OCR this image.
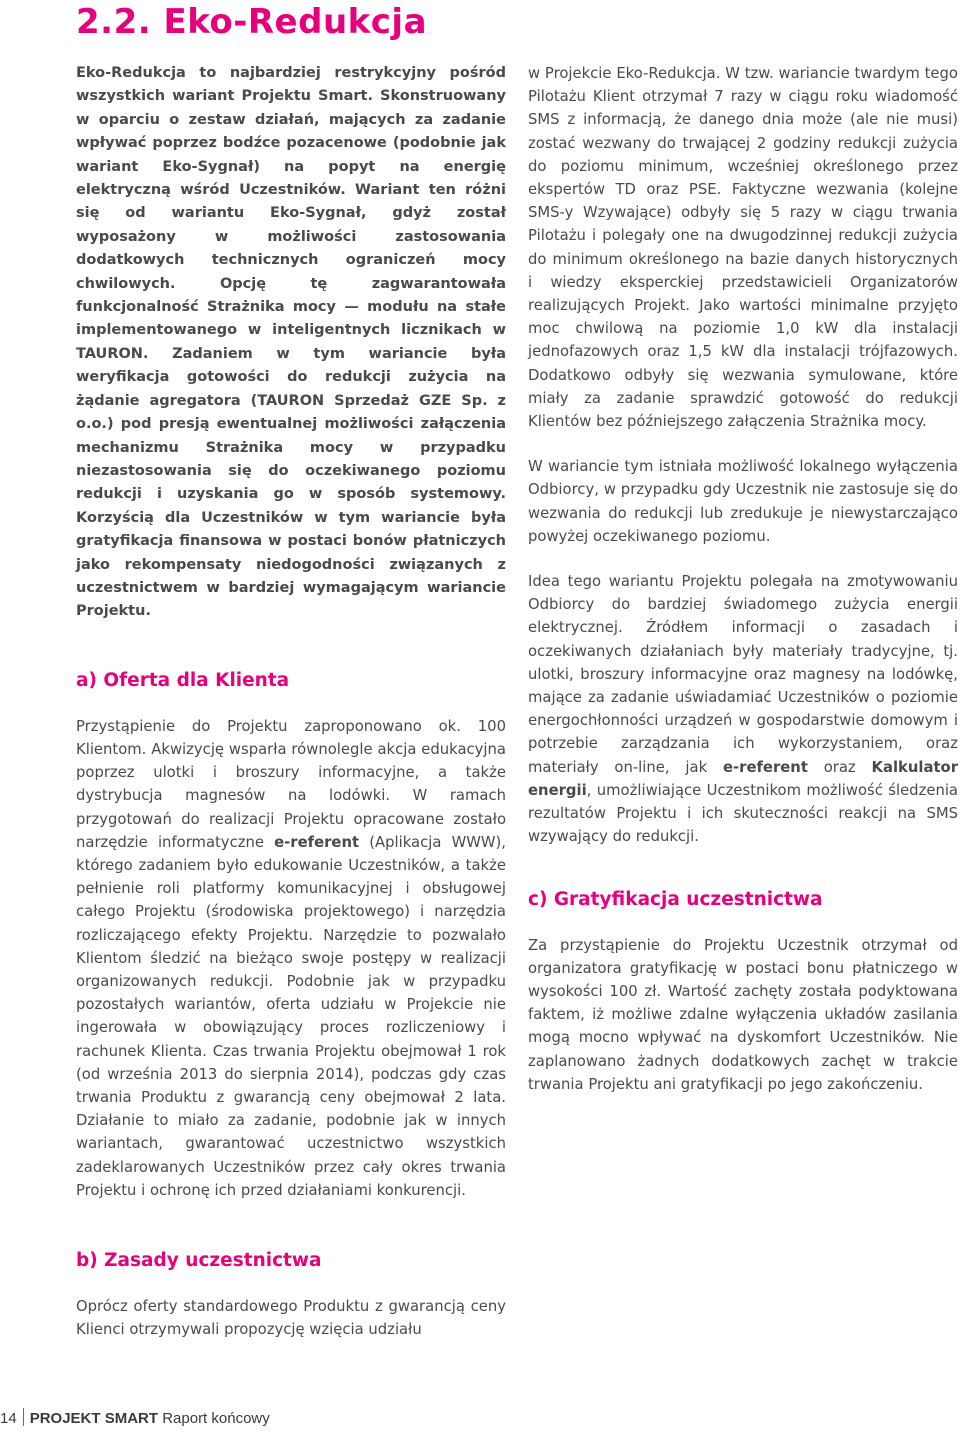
2.2. Eko-Redukcja

Eko-Redukcja to najbardziej restrykcyjny pośród wszystkich wariant Projektu Smart. Skonstruowany w oparciu o zestaw działań, mających za zadanie wpływać poprzez bodźce pozacenowe (podobnie jak wariant Eko-Sygnał) na popyt na energię elektryczną wśród Uczestników. Wariant ten różni się od wariantu Eko-Sygnał, gdyż został wyposażony w możliwości zastosowania dodatkowych technicznych ograniczeń mocy chwilowych. Opcję tę zagwarantowała funkcjonalność Strażnika mocy — modułu na stałe implementowanego w inteligentnych licznikach w TAURON. Zadaniem w tym wariancie była weryfikacja gotowości do redukcji zużycia na żądanie agregatora (TAURON Sprzedaż GZE Sp. z o.o.) pod presją ewentualnej możliwości załączenia mechanizmu Strażnika mocy w przypadku niezastosowania się do oczekiwanego poziomu redukcji i uzyskania go w sposób systemowy. Korzyścią dla Uczestników w tym wariancie była gratyfikacja finansowa w postaci bonów płatniczych jako rekompensaty niedogodności związanych z uczestnictwem w bardziej wymagającym wariancie Projektu.

a) Oferta dla Klienta

Przystąpienie do Projektu zaproponowano ok. 100 Klientom. Akwizycję wsparła równolegle akcja edukacyjna poprzez ulotki i broszury informacyjne, a także dystrybucja magnesów na lodówki. W ramach przygotowań do realizacji Projektu opracowane zostało narzędzie informatyczne e-referent (Aplikacja WWW), którego zadaniem było edukowanie Uczestników, a także pełnienie roli platformy komunikacyjnej i obsługowej całego Projektu (środowiska projektowego) i narzędzia rozliczającego efekty Projektu. Narzędzie to pozwalało Klientom śledzić na bieżąco swoje postępy w realizacji organizowanych redukcji. Podobnie jak w przypadku pozostałych wariantów, oferta udziału w Projekcie nie ingerowała w obowiązujący proces rozliczeniowy i rachunek Klienta. Czas trwania Projektu obejmował 1 rok (od września 2013 do sierpnia 2014), podczas gdy czas trwania Produktu z gwarancją ceny obejmował 2 lata. Działanie to miało za zadanie, podobnie jak w innych wariantach, gwarantować uczestnictwo wszystkich zadeklarowanych Uczestników przez cały okres trwania Projektu i ochronę ich przed działaniami konkurencji.

b) Zasady uczestnictwa

Oprócz oferty standardowego Produktu z gwarancją ceny Klienci otrzymywali propozycję wzięcia udziału

w Projekcie Eko-Redukcja. W tzw. wariancie twardym tego Pilotażu Klient otrzymał 7 razy w ciągu roku wiadomość SMS z informacją, że danego dnia może (ale nie musi) zostać wezwany do trwającej 2 godziny redukcji zużycia do poziomu minimum, wcześniej określonego przez ekspertów TD oraz PSE. Faktyczne wezwania (kolejne SMS-y Wzywające) odbyły się 5 razy w ciągu trwania Pilotażu i polegały one na dwugodzinnej redukcji zużycia do minimum określonego na bazie danych historycznych i wiedzy eksperckiej przedstawicieli Organizatorów realizujących Projekt. Jako wartości minimalne przyjęto moc chwilową na poziomie 1,0 kW dla instalacji jednofazowych oraz 1,5 kW dla instalacji trójfazowych. Dodatkowo odbyły się wezwania symulowane, które miały za zadanie sprawdzić gotowość do redukcji Klientów bez późniejszego załączenia Strażnika mocy.

W wariancie tym istniała możliwość lokalnego wyłączenia Odbiorcy, w przypadku gdy Uczestnik nie zastosuje się do wezwania do redukcji lub zredukuje je niewystarczająco powyżej oczekiwanego poziomu.

Idea tego wariantu Projektu polegała na zmotywowaniu Odbiorcy do bardziej świadomego zużycia energii elektrycznej. Źródłem informacji o zasadach i oczekiwanych działaniach były materiały tradycyjne, tj. ulotki, broszury informacyjne oraz magnesy na lodówkę, mające za zadanie uświadamiać Uczestników o poziomie energochłonności urządzeń w gospodarstwie domowym i potrzebie zarządzania ich wykorzystaniem, oraz materiały on-line, jak e-referent oraz Kalkulator energii, umożliwiające Uczestnikom możliwość śledzenia rezultatów Projektu i ich skuteczności reakcji na SMS wzywający do redukcji.

c) Gratyfikacja uczestnictwa

Za przystąpienie do Projektu Uczestnik otrzymał od organizatora gratyfikację w postaci bonu płatniczego w wysokości 100 zł. Wartość zachęty została podyktowana faktem, iż możliwe zdalne wyłączenia układów zasilania mogą mocno wpływać na dyskomfort Uczestników. Nie zaplanowano żadnych dodatkowych zachęt w trakcie trwania Projektu ani gratyfikacji po jego zakończeniu.

14 PROJEKT SMART Raport końcowy
